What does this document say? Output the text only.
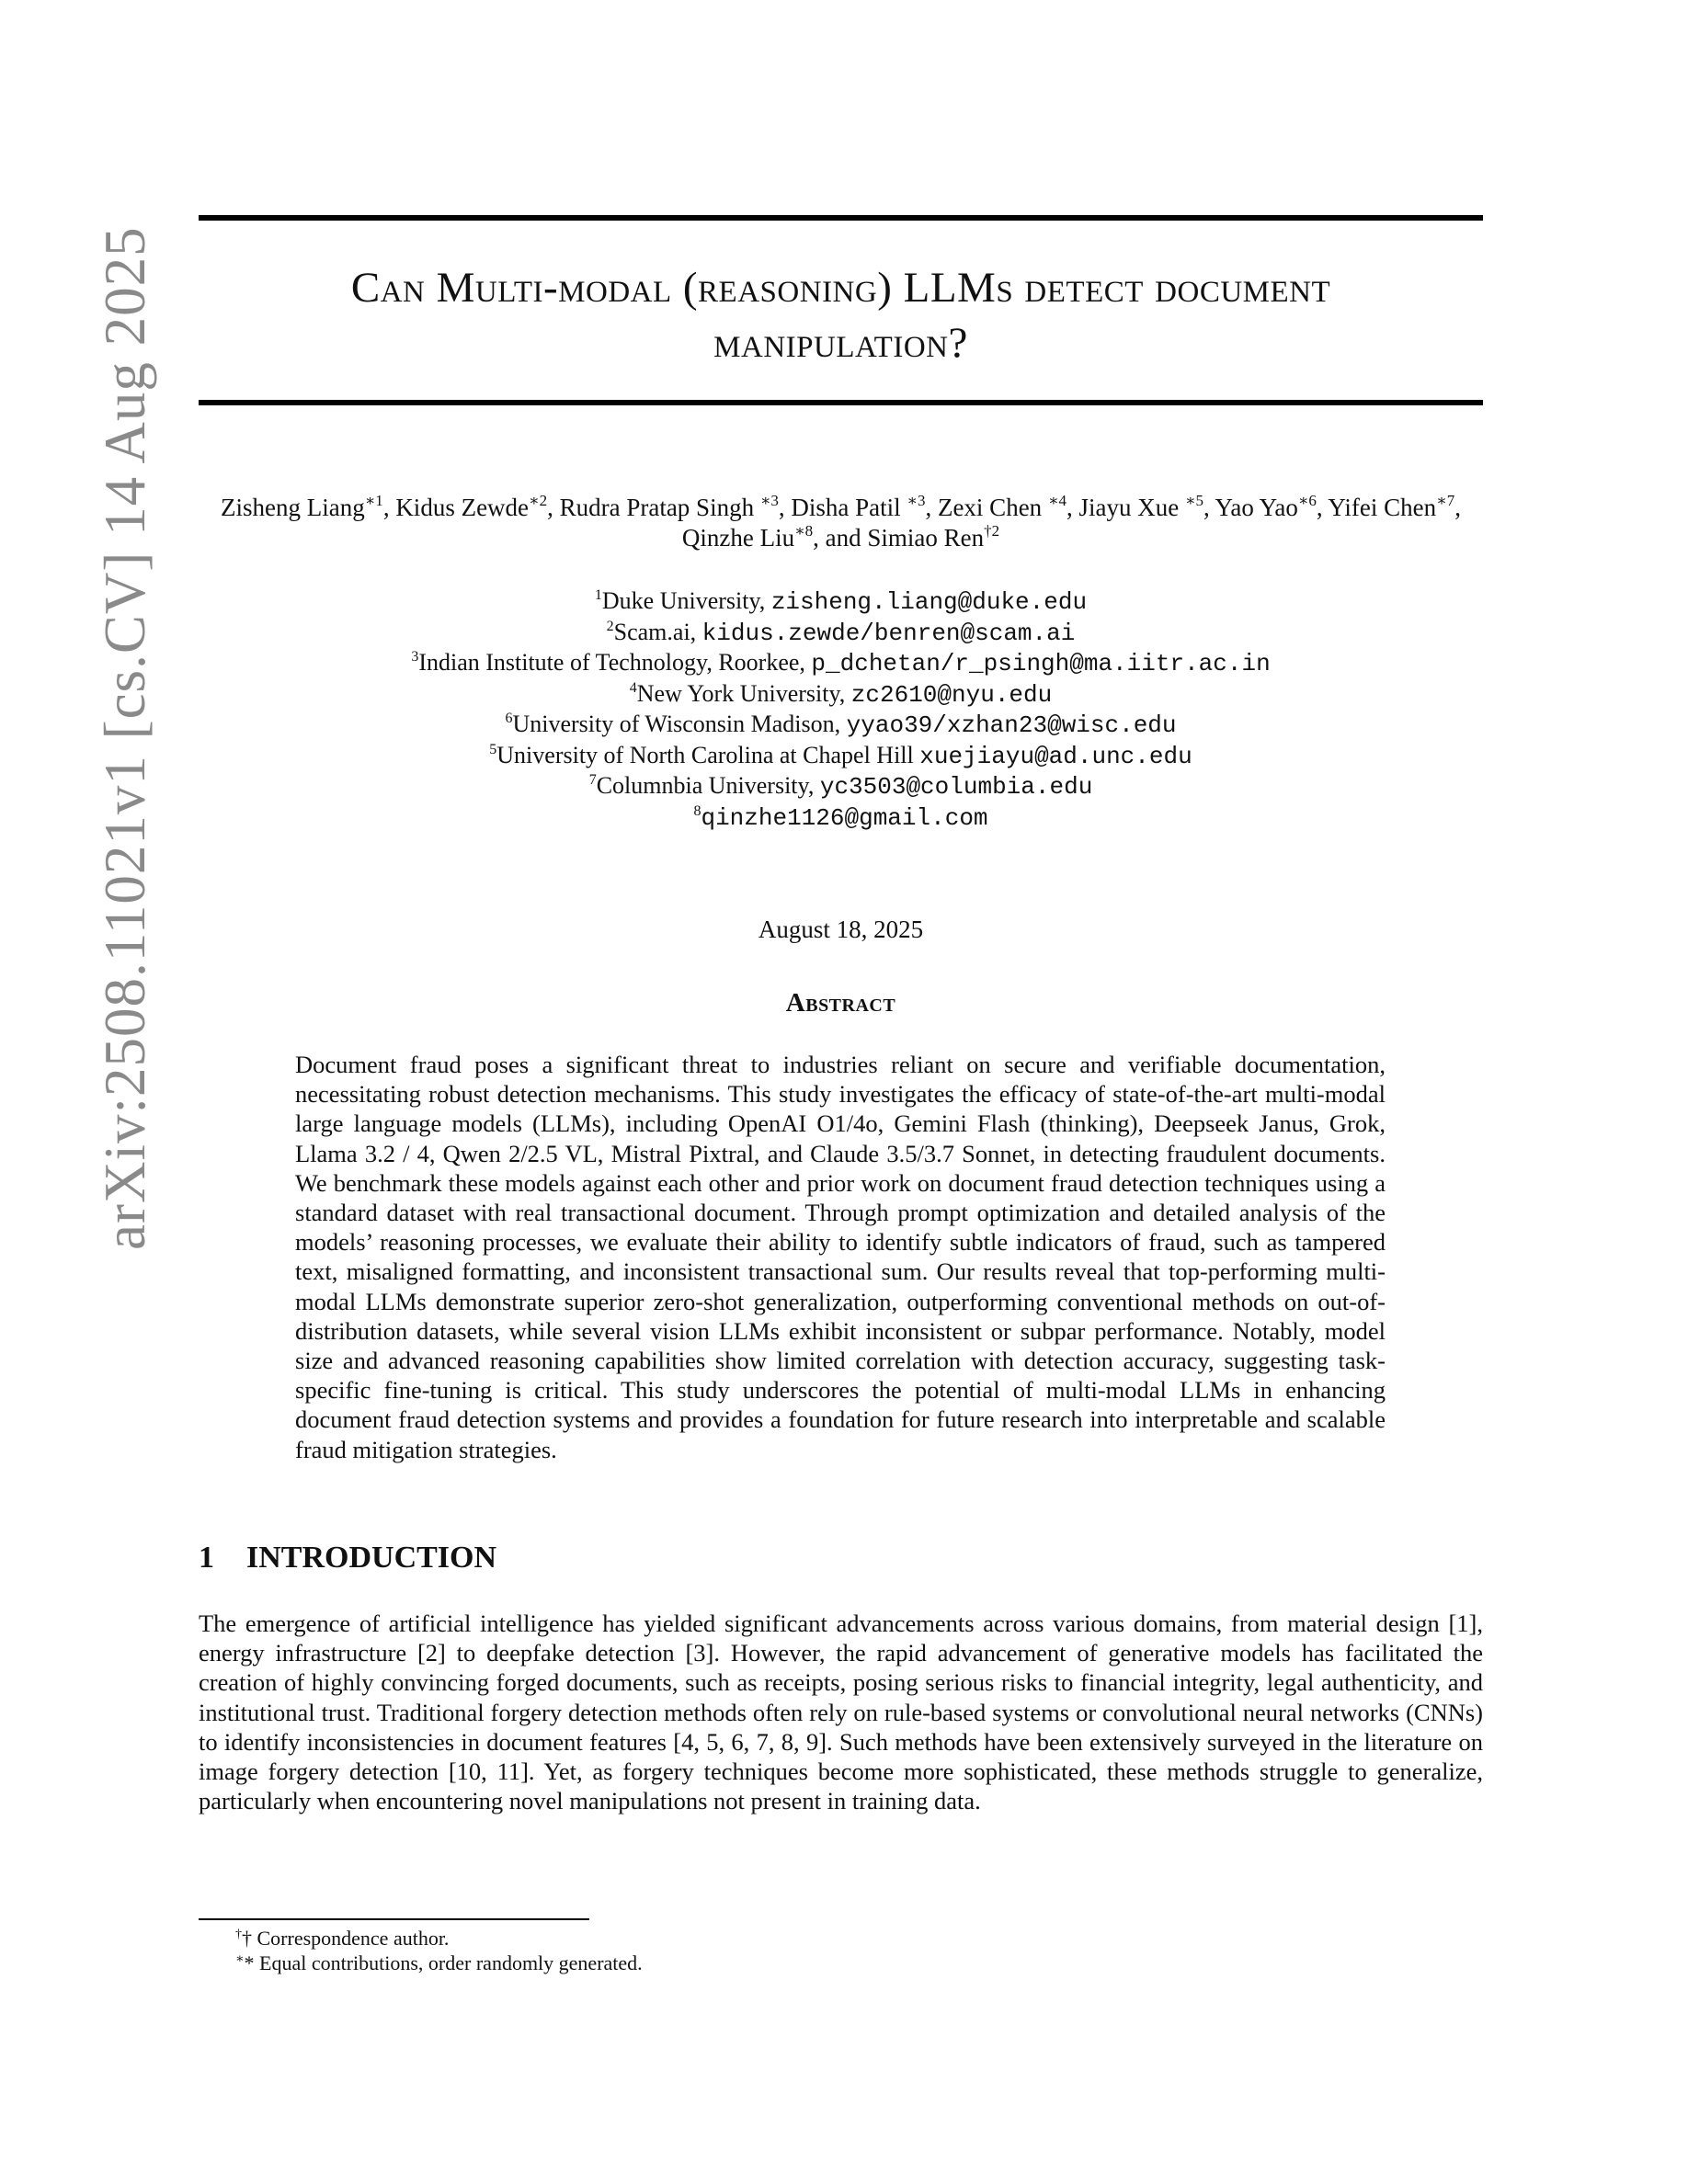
arXiv:2508.11021v1 [cs.CV] 14 Aug 2025	Can Multi-modal (reasoning) LLMs detect document
manipulation?
Zisheng Liang$^{∗1}$, Kidus Zewde$^{∗2}$, Rudra Pratap Singh $^{∗3}$, Disha Patil $^{∗3}$, Zexi Chen $^{∗4}$, Jiayu Xue $^{∗5}$, Yao Yao$^{∗6}$, Yifei Chen$^{∗7}$, Qinzhe Liu$^{∗8}$, and Simiao Ren$^{\dagger 2}$
$^1$Duke University, zisheng.liang@duke.edu
$^2$Scam.ai, kidus.zewde/benren@scam.ai
$^3$Indian Institute of Technology, Roorkee, p_dchetan/r_psingh@ma.iitr.ac.in
$^4$New York University, zc2610@nyu.edu
$^6$University of Wisconsin Madison, yyao39/xzhan23@wisc.edu
$^5$University of North Carolina at Chapel Hill xuejiayu@ad.unc.edu
$^7$Columnbia University, yc3503@columbia.edu
$^8$qinzhe1126@gmail.com
August 18, 2025
Abstract
Document fraud poses a significant threat to industries reliant on secure and verifiable documentation, necessitating robust detection mechanisms. This study investigates the efficacy of state-of-the-art multi-modal large language models (LLMs), including OpenAI O1/4o, Gemini Flash (thinking), Deepseek Janus, Grok, Llama 3.2 / 4, Qwen 2/2.5 VL, Mistral Pixtral, and Claude 3.5/3.7 Sonnet, in detecting fraudulent documents. We benchmark these models against each other and prior work on document fraud detection techniques using a standard dataset with real transactional document. Through prompt optimization and detailed analysis of the models’ reasoning processes, we evaluate their ability to identify subtle indicators of fraud, such as tampered text, misaligned formatting, and inconsistent transactional sum. Our results reveal that top-performing multi-modal LLMs demonstrate superior zero-shot generalization, outperforming conventional methods on out-of-distribution datasets, while several vision LLMs exhibit inconsistent or subpar performance. Notably, model size and advanced reasoning capabilities show limited correlation with detection accuracy, suggesting task-specific fine-tuning is critical. This study underscores the potential of multi-modal LLMs in enhancing document fraud detection systems and provides a foundation for future research into interpretable and scalable fraud mitigation strategies.
1 INTRODUCTION
The emergence of artificial intelligence has yielded significant advancements across various domains, from material design [1], energy infrastructure [2] to deepfake detection [3]. However, the rapid advancement of generative models has facilitated the creation of highly convincing forged documents, such as receipts, posing serious risks to financial integrity, legal authenticity, and institutional trust. Traditional forgery detection methods often rely on rule-based systems or convolutional neural networks (CNNs) to identify inconsistencies in document features [4, 5, 6, 7, 8, 9]. Such methods have been extensively surveyed in the literature on image forgery detection [10, 11]. Yet, as forgery techniques become more sophisticated, these methods struggle to generalize, particularly when encountering novel manipulations not present in training data.
†† Correspondence author.
∗* Equal contributions, order randomly generated.
